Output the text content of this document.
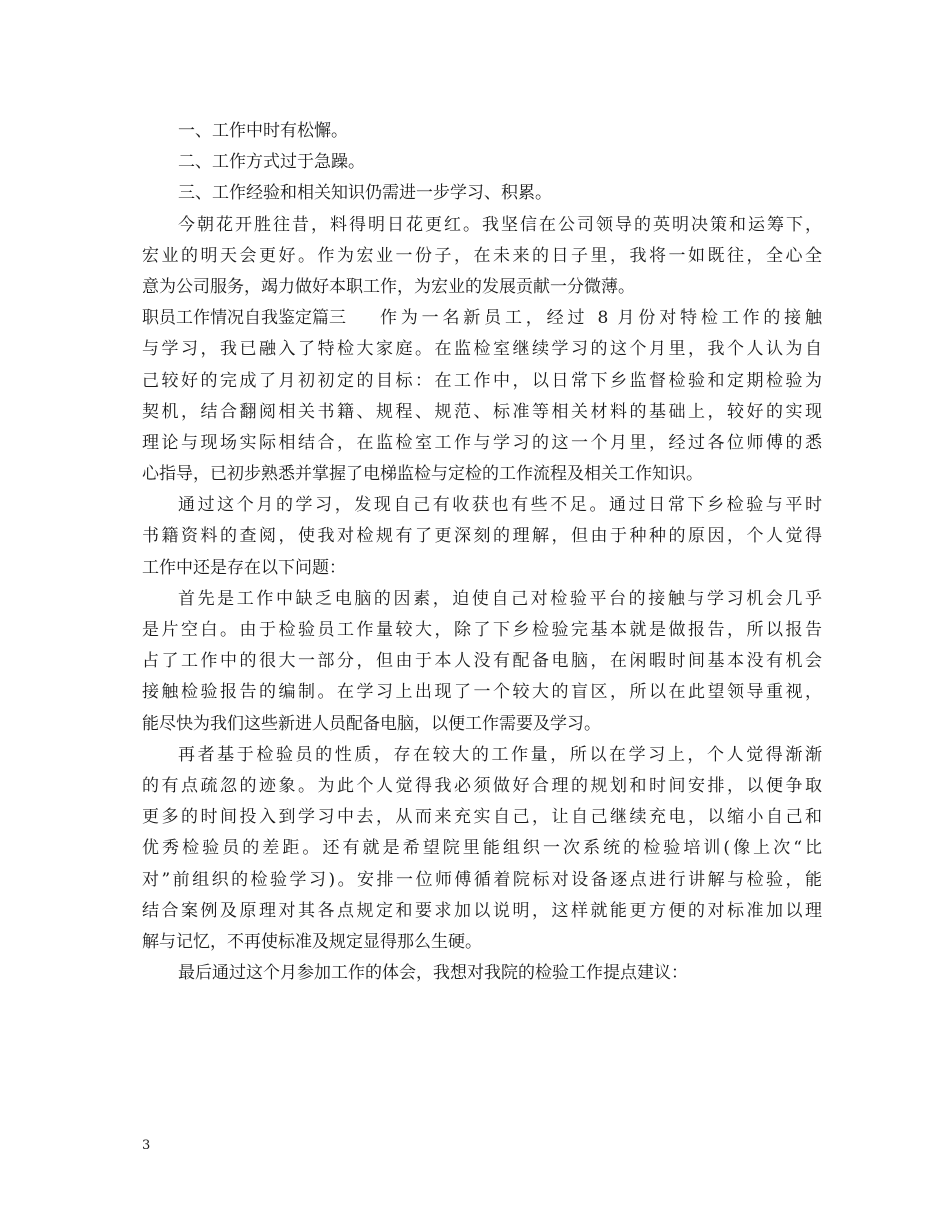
一、工作中时有松懈。
二、工作方式过于急躁。
三、工作经验和相关知识仍需进一步学习、积累。
今朝花开胜往昔，料得明日花更红。我坚信在公司领导的英明决策和运筹下，
宏业的明天会更好。作为宏业一份子，在未来的日子里，我将一如既往，全心全
意为公司服务，竭力做好本职工作，为宏业的发展贡献一分微薄。
职员工作情况自我鉴定篇三 作为一名新员工，经过 8 月份对特检工作的接触
与学习，我已融入了特检大家庭。在监检室继续学习的这个月里，我个人认为自
己较好的完成了月初初定的目标：在工作中，以日常下乡监督检验和定期检验为
契机，结合翻阅相关书籍、规程、规范、标准等相关材料的基础上，较好的实现
理论与现场实际相结合，在监检室工作与学习的这一个月里，经过各位师傅的悉
心指导，已初步熟悉并掌握了电梯监检与定检的工作流程及相关工作知识。
通过这个月的学习，发现自己有收获也有些不足。通过日常下乡检验与平时
书籍资料的查阅，使我对检规有了更深刻的理解，但由于种种的原因，个人觉得
工作中还是存在以下问题：
首先是工作中缺乏电脑的因素，迫使自己对检验平台的接触与学习机会几乎
是片空白。由于检验员工作量较大，除了下乡检验完基本就是做报告，所以报告
占了工作中的很大一部分，但由于本人没有配备电脑，在闲暇时间基本没有机会
接触检验报告的编制。在学习上出现了一个较大的盲区，所以在此望领导重视，
能尽快为我们这些新进人员配备电脑，以便工作需要及学习。
再者基于检验员的性质，存在较大的工作量，所以在学习上，个人觉得渐渐
的有点疏忽的迹象。为此个人觉得我必须做好合理的规划和时间安排，以便争取
更多的时间投入到学习中去，从而来充实自己，让自己继续充电，以缩小自己和
优秀检验员的差距。还有就是希望院里能组织一次系统的检验培训(像上次“比
对”前组织的检验学习)。安排一位师傅循着院标对设备逐点进行讲解与检验，能
结合案例及原理对其各点规定和要求加以说明，这样就能更方便的对标准加以理
解与记忆，不再使标准及规定显得那么生硬。
最后通过这个月参加工作的体会，我想对我院的检验工作提点建议：
3
